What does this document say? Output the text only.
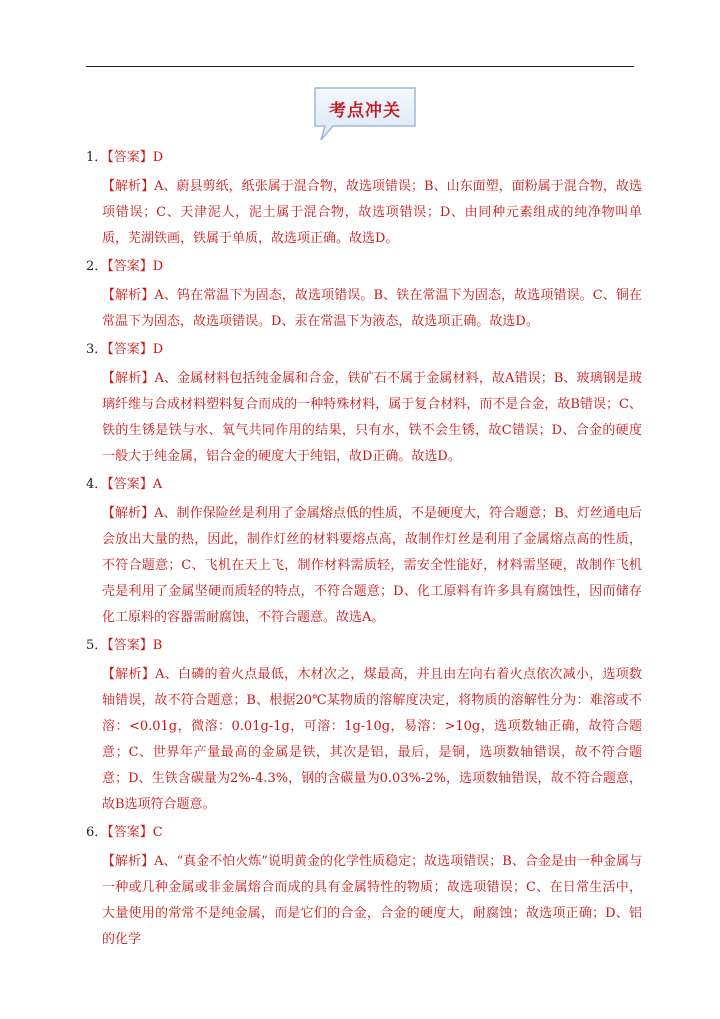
考点冲关
1．【答案】D
【解析】A、蔚县剪纸，纸张属于混合物，故选项错误；B、山东面塑，面粉属于混合物，故选项错误；C、天津泥人，泥土属于混合物，故选项错误；D、由同种元素组成的纯净物叫单质，芜湖铁画，铁属于单质，故选项正确。故选D。
2．【答案】D
【解析】A、钨在常温下为固态，故选项错误。B、铁在常温下为固态，故选项错误。C、铜在常温下为固态，故选项错误。D、汞在常温下为液态，故选项正确。故选D。
3．【答案】D
【解析】A、金属材料包括纯金属和合金，铁矿石不属于金属材料，故A错误；B、玻璃钢是玻璃纤维与合成材料塑料复合而成的一种特殊材料，属于复合材料，而不是合金，故B错误；C、铁的生锈是铁与水、氧气共同作用的结果，只有水，铁不会生锈，故C错误；D、合金的硬度一般大于纯金属，铝合金的硬度大于纯铝，故D正确。故选D。
4．【答案】A
【解析】A、制作保险丝是利用了金属熔点低的性质，不是硬度大，符合题意；B、灯丝通电后会放出大量的热，因此，制作灯丝的材料要熔点高，故制作灯丝是利用了金属熔点高的性质，不符合题意；C、飞机在天上飞，制作材料需质轻，需安全性能好，材料需坚硬，故制作飞机壳是利用了金属坚硬而质轻的特点，不符合题意；D、化工原料有许多具有腐蚀性，因而储存化工原料的容器需耐腐蚀，不符合题意。故选A。
5．【答案】B
【解析】A、白磷的着火点最低，木材次之，煤最高，并且由左向右着火点依次减小，选项数轴错误，故不符合题意；B、根据20℃某物质的溶解度决定，将物质的溶解性分为：难溶或不溶：<0.01g，微溶：0.01g-1g，可溶：1g-10g，易溶：>10g，选项数轴正确，故符合题意；C、世界年产量最高的金属是铁，其次是铝，最后，是铜，选项数轴错误，故不符合题意；D、生铁含碳量为2%-4.3%，钢的含碳量为0.03%-2%，选项数轴错误，故不符合题意，故B选项符合题意。
6．【答案】C
【解析】A、“真金不怕火炼”说明黄金的化学性质稳定；故选项错误；B、合金是由一种金属与一种或几种金属或非金属熔合而成的具有金属特性的物质；故选项错误；C、在日常生活中，大量使用的常常不是纯金属，而是它们的合金，合金的硬度大，耐腐蚀；故选项正确；D、铝的化学
